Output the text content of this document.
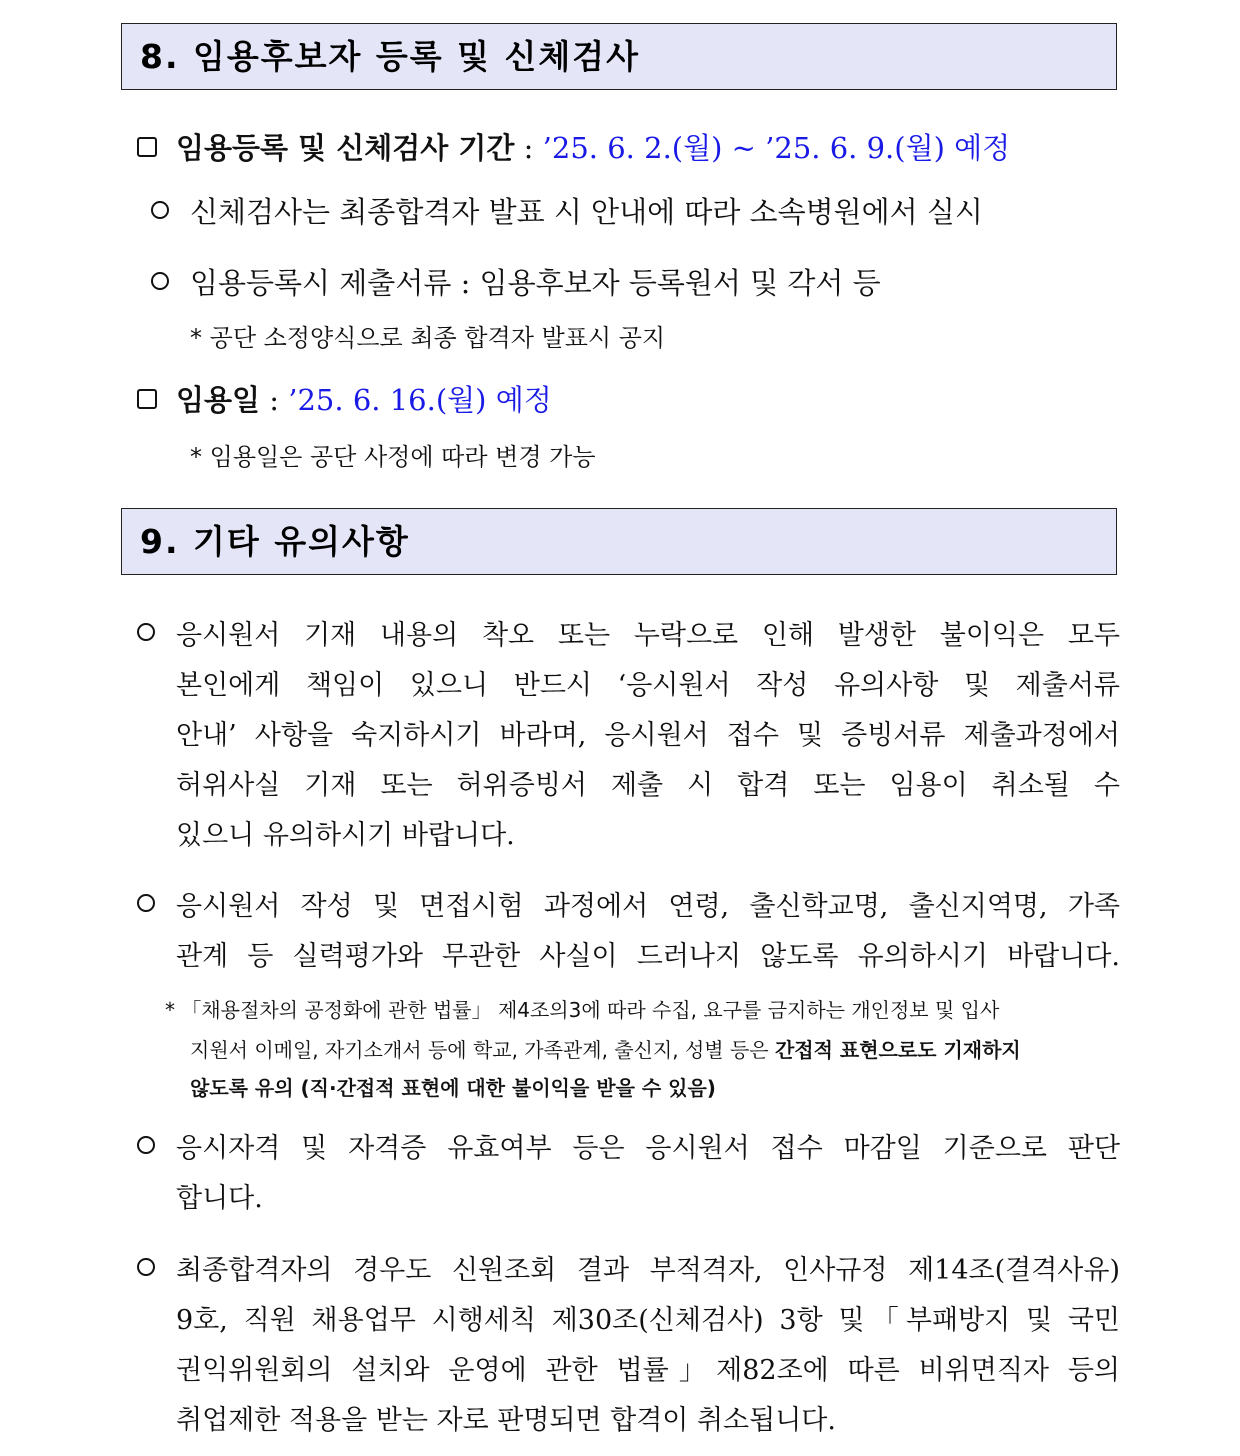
8. 임용후보자 등록 및 신체검사
임용등록 및 신체검사 기간 : ’25. 6. 2.(월) ~ ’25. 6. 9.(월) 예정
신체검사는 최종합격자 발표 시 안내에 따라 소속병원에서 실시
임용등록시 제출서류 : 임용후보자 등록원서 및 각서 등
* 공단 소정양식으로 최종 합격자 발표시 공지
임용일 : ’25. 6. 16.(월) 예정
* 임용일은 공단 사정에 따라 변경 가능
9. 기타 유의사항
응시원서 기재 내용의 착오 또는 누락으로 인해 발생한 불이익은 모두
본인에게 책임이 있으니 반드시 ‘응시원서 작성 유의사항 및 제출서류
안내’ 사항을 숙지하시기 바라며, 응시원서 접수 및 증빙서류 제출과정에서
허위사실 기재 또는 허위증빙서 제출 시 합격 또는 임용이 취소될 수
있으니 유의하시기 바랍니다.
응시원서 작성 및 면접시험 과정에서 연령, 출신학교명, 출신지역명, 가족
관계 등 실력평가와 무관한 사실이 드러나지 않도록 유의하시기 바랍니다.
* 「채용절차의 공정화에 관한 법률」 제4조의3에 따라 수집, 요구를 금지하는 개인정보 및 입사
지원서 이메일, 자기소개서 등에 학교, 가족관계, 출신지, 성별 등은 간접적 표현으로도 기재하지
않도록 유의 (직·간접적 표현에 대한 불이익을 받을 수 있음)
응시자격 및 자격증 유효여부 등은 응시원서 접수 마감일 기준으로 판단
합니다.
최종합격자의 경우도 신원조회 결과 부적격자, 인사규정 제14조(결격사유)
9호, 직원 채용업무 시행세칙 제30조(신체검사) 3항 및「부패방지 및 국민
권익위원회의 설치와 운영에 관한 법률」제82조에 따른 비위면직자 등의
취업제한 적용을 받는 자로 판명되면 합격이 취소됩니다.
